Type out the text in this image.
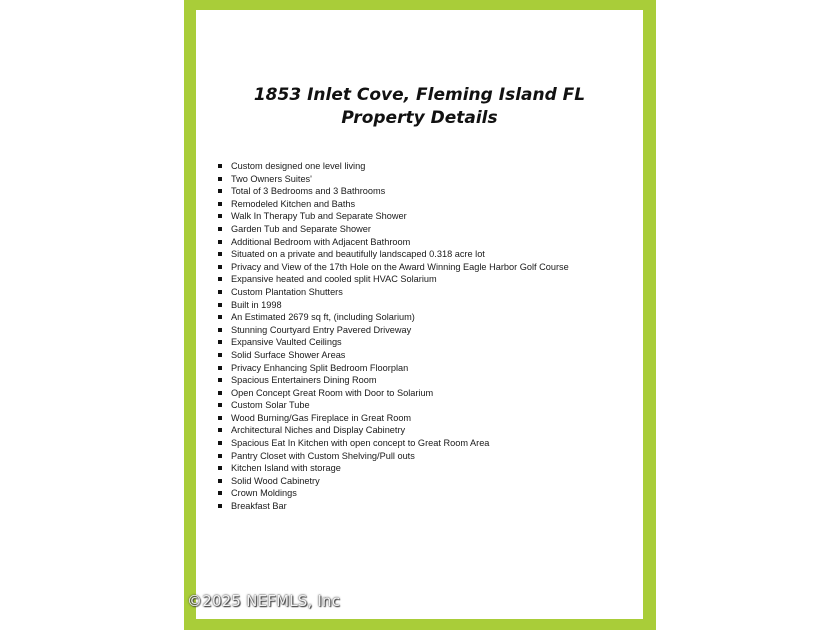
1853 Inlet Cove, Fleming Island FL
Property Details
Custom designed one level living
Two Owners Suites'
Total of 3 Bedrooms and 3 Bathrooms
Remodeled Kitchen and Baths
Walk In Therapy Tub and Separate Shower
Garden Tub and Separate Shower
Additional Bedroom with Adjacent Bathroom
Situated on a private and beautifully landscaped 0.318 acre lot
Privacy and View of the 17th Hole on the Award Winning Eagle Harbor Golf Course
Expansive heated and cooled split HVAC Solarium
Custom Plantation Shutters
Built in 1998
An Estimated 2679 sq ft, (including Solarium)
Stunning Courtyard Entry Pavered Driveway
Expansive Vaulted Ceilings
Solid Surface Shower Areas
Privacy Enhancing Split Bedroom Floorplan
Spacious Entertainers Dining Room
Open Concept Great Room with Door to Solarium
Custom Solar Tube
Wood Burning/Gas Fireplace in Great Room
Architectural Niches and Display Cabinetry
Spacious Eat In Kitchen with open concept to Great Room Area
Pantry Closet with Custom Shelving/Pull outs
Kitchen Island with storage
Solid Wood Cabinetry
Crown Moldings
Breakfast Bar
©2025 NEFMLS, Inc
